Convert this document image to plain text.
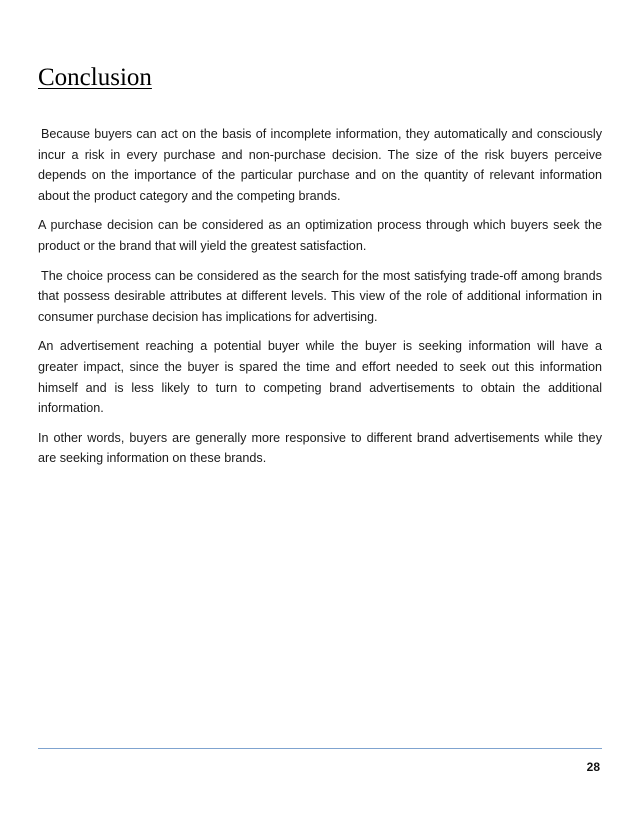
Conclusion

Because buyers can act on the basis of incomplete information, they automatically and consciously incur a risk in every purchase and non-purchase decision. The size of the risk buyers perceive depends on the importance of the particular purchase and on the quantity of relevant information about the product category and the competing brands.

A purchase decision can be considered as an optimization process through which buyers seek the product or the brand that will yield the greatest satisfaction.

The choice process can be considered as the search for the most satisfying trade-off among brands that possess desirable attributes at different levels. This view of the role of additional information in consumer purchase decision has implications for advertising.

An advertisement reaching a potential buyer while the buyer is seeking information will have a greater impact, since the buyer is spared the time and effort needed to seek out this information himself and is less likely to turn to competing brand advertisements to obtain the additional information.

In other words, buyers are generally more responsive to different brand advertisements while they are seeking information on these brands.

28
